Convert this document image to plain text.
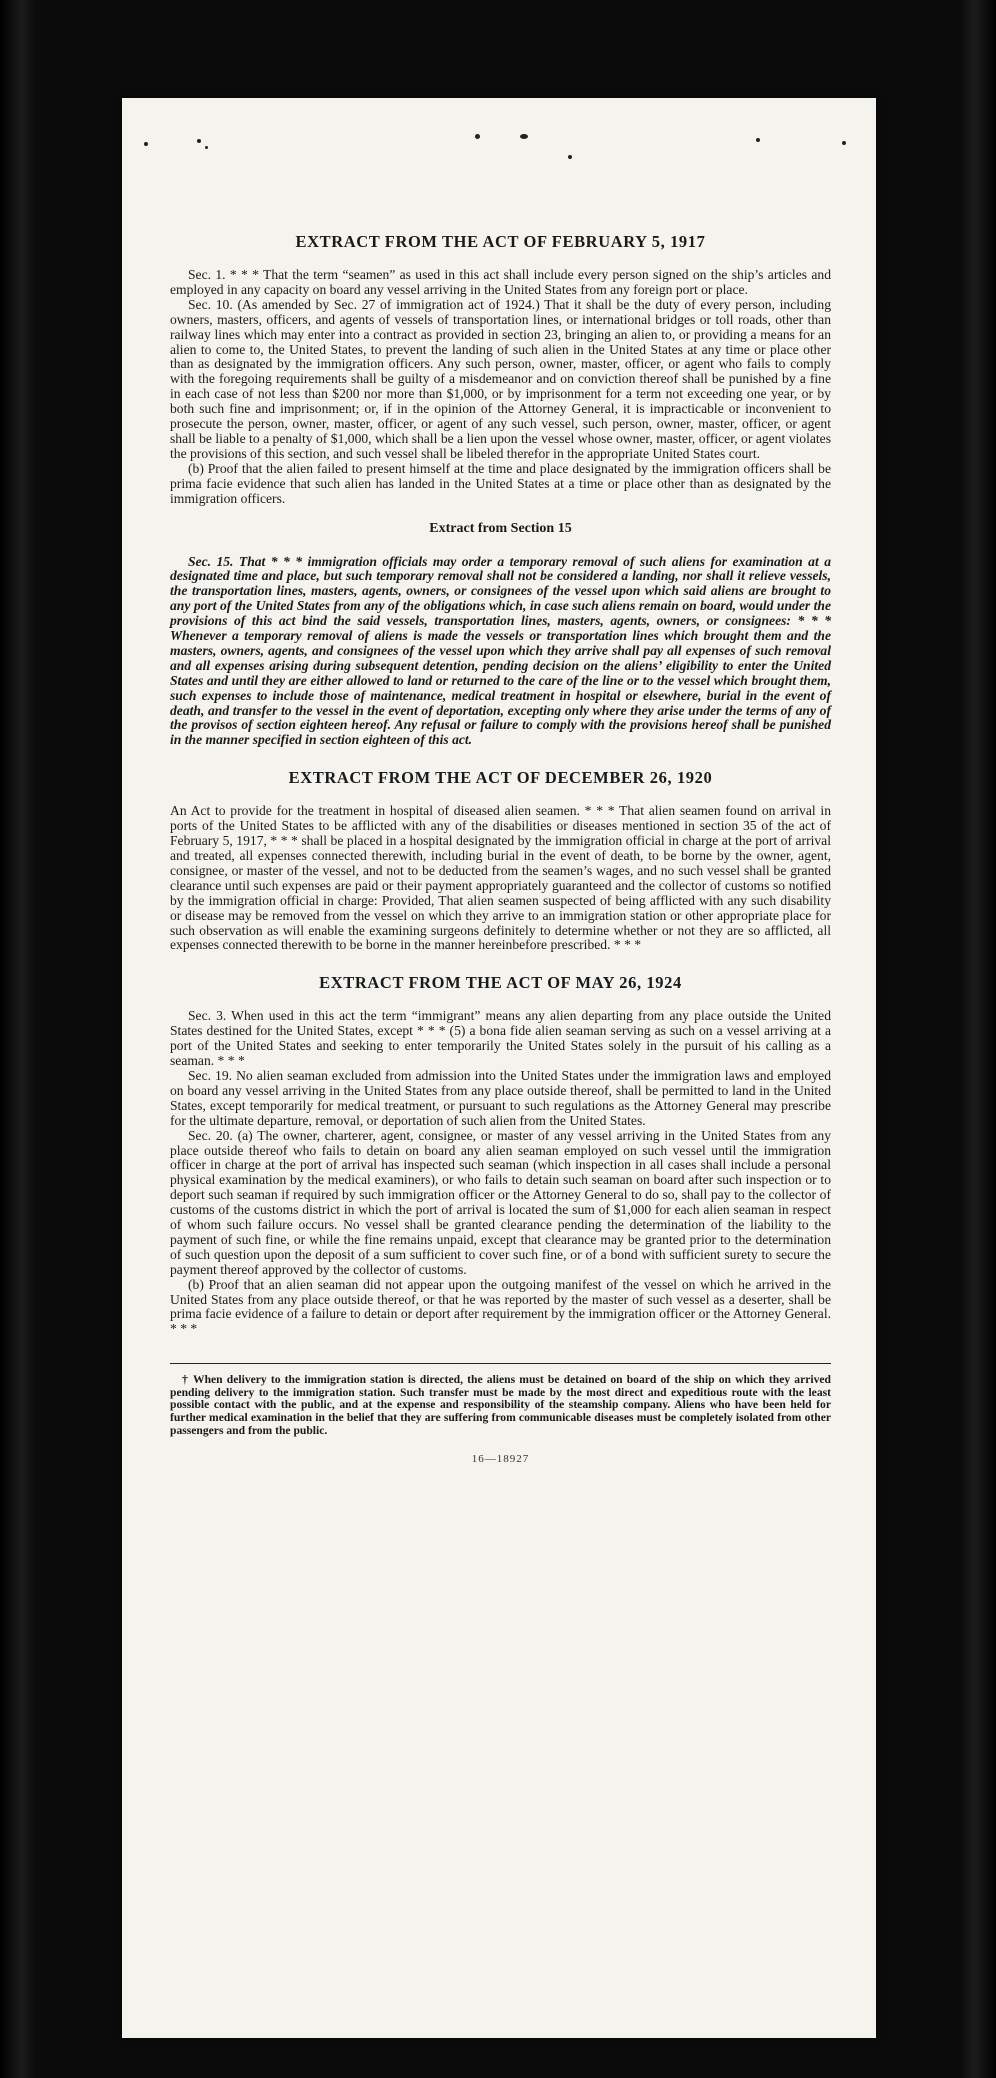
EXTRACT FROM THE ACT OF FEBRUARY 5, 1917

Sec. 1. * * * That the term “seamen” as used in this act shall include every person signed on the ship’s articles and employed in any capacity on board any vessel arriving in the United States from any foreign port or place.

Sec. 10. (As amended by Sec. 27 of immigration act of 1924.) That it shall be the duty of every person, including owners, masters, officers, and agents of vessels of transportation lines, or international bridges or toll roads, other than railway lines which may enter into a contract as provided in section 23, bringing an alien to, or providing a means for an alien to come to, the United States, to prevent the landing of such alien in the United States at any time or place other than as designated by the immigration officers. Any such person, owner, master, officer, or agent who fails to comply with the foregoing requirements shall be guilty of a misdemeanor and on conviction thereof shall be punished by a fine in each case of not less than $200 nor more than $1,000, or by imprisonment for a term not exceeding one year, or by both such fine and imprisonment; or, if in the opinion of the Attorney General, it is impracticable or inconvenient to prosecute the person, owner, master, officer, or agent of any such vessel, such person, owner, master, officer, or agent shall be liable to a penalty of $1,000, which shall be a lien upon the vessel whose owner, master, officer, or agent violates the provisions of this section, and such vessel shall be libeled therefor in the appropriate United States court.

(b) Proof that the alien failed to present himself at the time and place designated by the immigration officers shall be prima facie evidence that such alien has landed in the United States at a time or place other than as designated by the immigration officers.

Extract from Section 15

Sec. 15. That * * * immigration officials may order a temporary removal of such aliens for examination at a designated time and place, but such temporary removal shall not be considered a landing, nor shall it relieve vessels, the transportation lines, masters, agents, owners, or consignees of the vessel upon which said aliens are brought to any port of the United States from any of the obligations which, in case such aliens remain on board, would under the provisions of this act bind the said vessels, transportation lines, masters, agents, owners, or consignees: * * * Whenever a temporary removal of aliens is made the vessels or transportation lines which brought them and the masters, owners, agents, and consignees of the vessel upon which they arrive shall pay all expenses of such removal and all expenses arising during subsequent detention, pending decision on the aliens’ eligibility to enter the United States and until they are either allowed to land or returned to the care of the line or to the vessel which brought them, such expenses to include those of maintenance, medical treatment in hospital or elsewhere, burial in the event of death, and transfer to the vessel in the event of deportation, excepting only where they arise under the terms of any of the provisos of section eighteen hereof. Any refusal or failure to comply with the provisions hereof shall be punished in the manner specified in section eighteen of this act.

EXTRACT FROM THE ACT OF DECEMBER 26, 1920

An Act to provide for the treatment in hospital of diseased alien seamen. * * * That alien seamen found on arrival in ports of the United States to be afflicted with any of the disabilities or diseases mentioned in section 35 of the act of February 5, 1917, * * * shall be placed in a hospital designated by the immigration official in charge at the port of arrival and treated, all expenses connected therewith, including burial in the event of death, to be borne by the owner, agent, consignee, or master of the vessel, and not to be deducted from the seamen’s wages, and no such vessel shall be granted clearance until such expenses are paid or their payment appropriately guaranteed and the collector of customs so notified by the immigration official in charge: Provided, That alien seamen suspected of being afflicted with any such disability or disease may be removed from the vessel on which they arrive to an immigration station or other appropriate place for such observation as will enable the examining surgeons definitely to determine whether or not they are so afflicted, all expenses connected therewith to be borne in the manner hereinbefore prescribed. * * *

EXTRACT FROM THE ACT OF MAY 26, 1924

Sec. 3. When used in this act the term “immigrant” means any alien departing from any place outside the United States destined for the United States, except * * * (5) a bona fide alien seaman serving as such on a vessel arriving at a port of the United States and seeking to enter temporarily the United States solely in the pursuit of his calling as a seaman. * * *

Sec. 19. No alien seaman excluded from admission into the United States under the immigration laws and employed on board any vessel arriving in the United States from any place outside thereof, shall be permitted to land in the United States, except temporarily for medical treatment, or pursuant to such regulations as the Attorney General may prescribe for the ultimate departure, removal, or deportation of such alien from the United States.

Sec. 20. (a) The owner, charterer, agent, consignee, or master of any vessel arriving in the United States from any place outside thereof who fails to detain on board any alien seaman employed on such vessel until the immigration officer in charge at the port of arrival has inspected such seaman (which inspection in all cases shall include a personal physical examination by the medical examiners), or who fails to detain such seaman on board after such inspection or to deport such seaman if required by such immigration officer or the Attorney General to do so, shall pay to the collector of customs of the customs district in which the port of arrival is located the sum of $1,000 for each alien seaman in respect of whom such failure occurs. No vessel shall be granted clearance pending the determination of the liability to the payment of such fine, or while the fine remains unpaid, except that clearance may be granted prior to the determination of such question upon the deposit of a sum sufficient to cover such fine, or of a bond with sufficient surety to secure the payment thereof approved by the collector of customs.

(b) Proof that an alien seaman did not appear upon the outgoing manifest of the vessel on which he arrived in the United States from any place outside thereof, or that he was reported by the master of such vessel as a deserter, shall be prima facie evidence of a failure to detain or deport after requirement by the immigration officer or the Attorney General. * * *

† When delivery to the immigration station is directed, the aliens must be detained on board of the ship on which they arrived pending delivery to the immigration station. Such transfer must be made by the most direct and expeditious route with the least possible contact with the public, and at the expense and responsibility of the steamship company. Aliens who have been held for further medical examination in the belief that they are suffering from communicable diseases must be completely isolated from other passengers and from the public.

16—18927
